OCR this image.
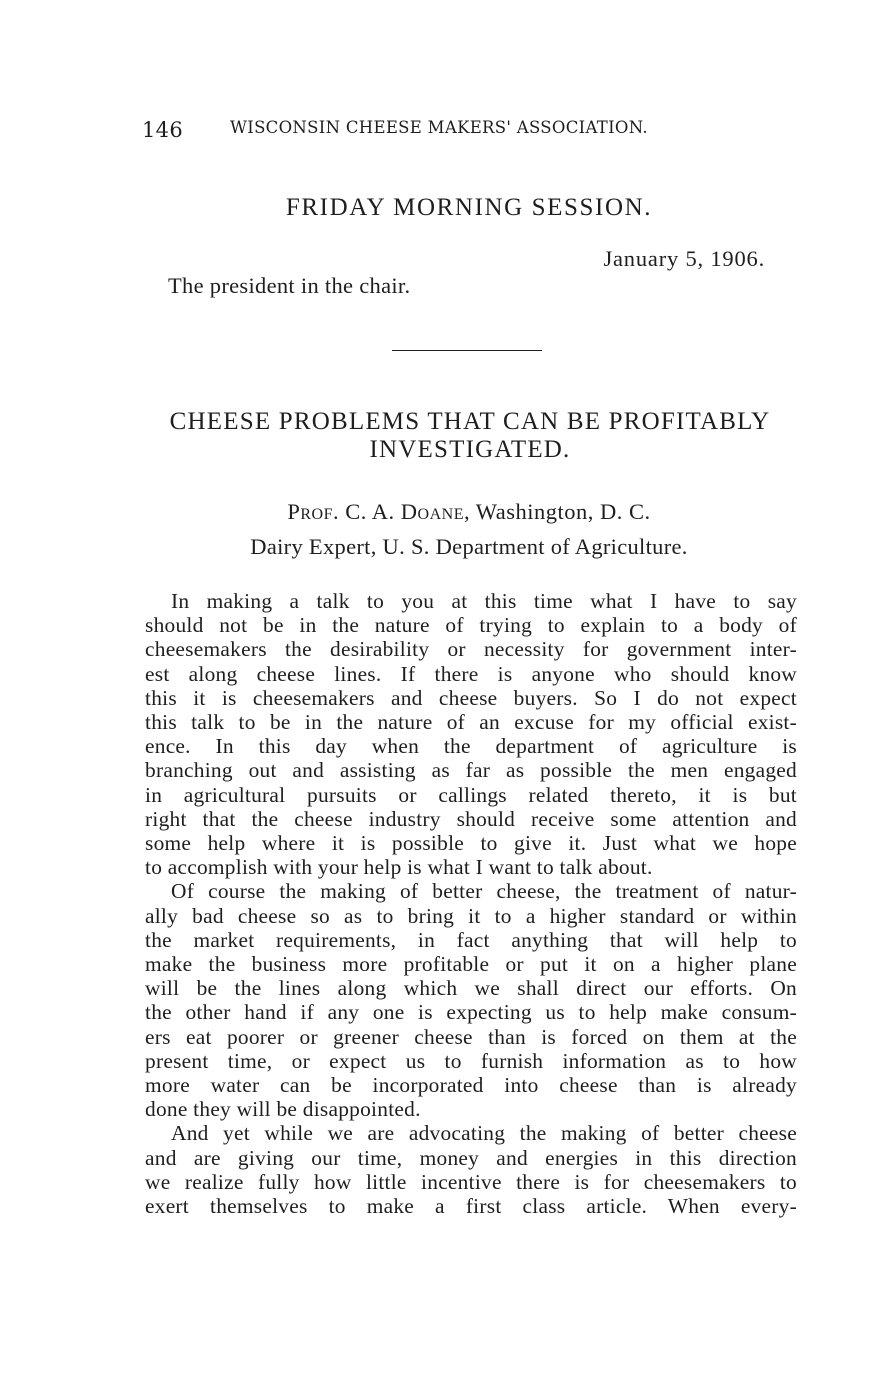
146	WISCONSIN CHEESE MAKERS' ASSOCIATION.
FRIDAY MORNING SESSION.
January 5, 1906.
The president in the chair.
CHEESE PROBLEMS THAT CAN BE PROFITABLY
INVESTIGATED.
Prof. C. A. Doane, Washington, D. C.
Dairy Expert, U. S. Department of Agriculture.
In making a talk to you at this time what I have to say
should not be in the nature of trying to explain to a body of
cheesemakers the desirability or necessity for government inter-
est along cheese lines. If there is anyone who should know
this it is cheesemakers and cheese buyers. So I do not expect
this talk to be in the nature of an excuse for my official exist-
ence. In this day when the department of agriculture is
branching out and assisting as far as possible the men engaged
in agricultural pursuits or callings related thereto, it is but
right that the cheese industry should receive some attention and
some help where it is possible to give it. Just what we hope
to accomplish with your help is what I want to talk about.
Of course the making of better cheese, the treatment of natur-
ally bad cheese so as to bring it to a higher standard or within
the market requirements, in fact anything that will help to
make the business more profitable or put it on a higher plane
will be the lines along which we shall direct our efforts. On
the other hand if any one is expecting us to help make consum-
ers eat poorer or greener cheese than is forced on them at the
present time, or expect us to furnish information as to how
more water can be incorporated into cheese than is already
done they will be disappointed.
And yet while we are advocating the making of better cheese
and are giving our time, money and energies in this direction
we realize fully how little incentive there is for cheesemakers to
exert themselves to make a first class article. When every-
